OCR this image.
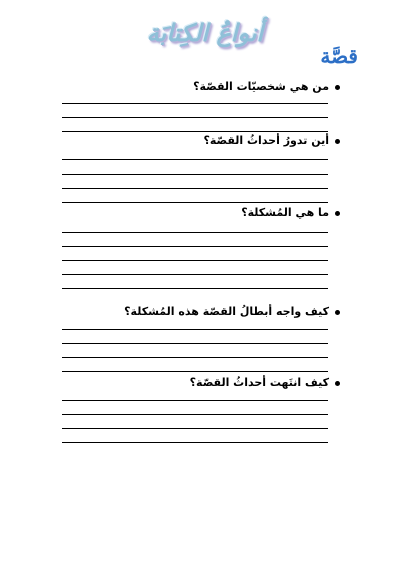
أنواعُ الكِتابَة
قصَّة
من هي شخصيّات القصّة؟
أين تدورُ أحداثُ القصّة؟
ما هي المُشكلة؟
كيف واجه أبطالُ القصّة هذه المُشكلة؟
كيف انتَهت أحداثُ القصّة؟
